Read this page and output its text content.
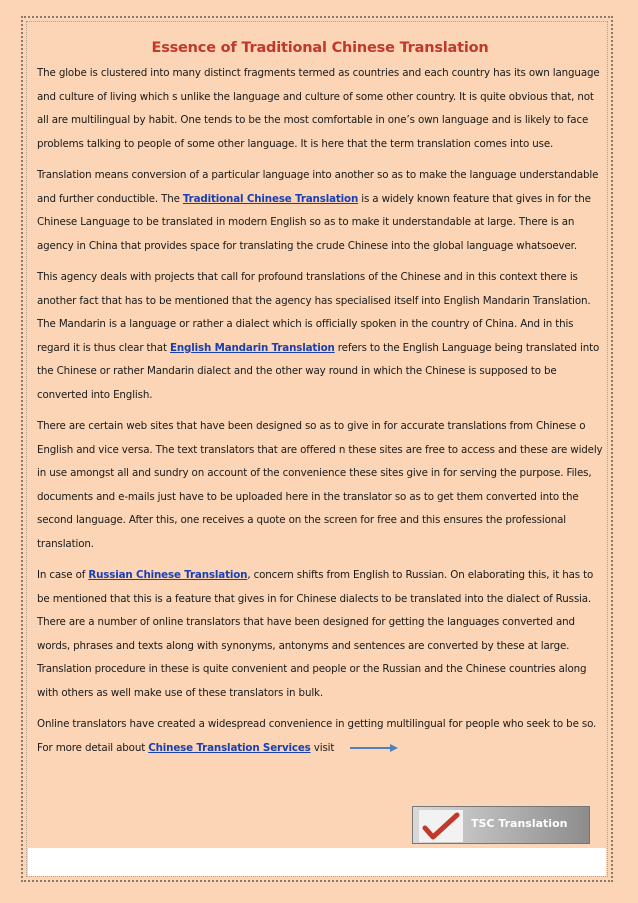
Essence of Traditional Chinese Translation

The globe is clustered into many distinct fragments termed as countries and each country has its own language and culture of living which s unlike the language and culture of some other country. It is quite obvious that, not all are multilingual by habit. One tends to be the most comfortable in one’s own language and is likely to face problems talking to people of some other language. It is here that the term translation comes into use.

Translation means conversion of a particular language into another so as to make the language understandable and further conductible. The Traditional Chinese Translation is a widely known feature that gives in for the Chinese Language to be translated in modern English so as to make it understandable at large. There is an agency in China that provides space for translating the crude Chinese into the global language whatsoever.

This agency deals with projects that call for profound translations of the Chinese and in this context there is another fact that has to be mentioned that the agency has specialised itself into English Mandarin Translation. The Mandarin is a language or rather a dialect which is officially spoken in the country of China. And in this regard it is thus clear that English Mandarin Translation refers to the English Language being translated into the Chinese or rather Mandarin dialect and the other way round in which the Chinese is supposed to be converted into English.

There are certain web sites that have been designed so as to give in for accurate translations from Chinese o English and vice versa. The text translators that are offered n these sites are free to access and these are widely in use amongst all and sundry on account of the convenience these sites give in for serving the purpose. Files, documents and e-mails just have to be uploaded here in the translator so as to get them converted into the second language. After this, one receives a quote on the screen for free and this ensures the professional translation.

In case of Russian Chinese Translation, concern shifts from English to Russian. On elaborating this, it has to be mentioned that this is a feature that gives in for Chinese dialects to be translated into the dialect of Russia. There are a number of online translators that have been designed for getting the languages converted and words, phrases and texts along with synonyms, antonyms and sentences are converted by these at large. Translation procedure in these is quite convenient and people or the Russian and the Chinese countries along with others as well make use of these translators in bulk.

Online translators have created a widespread convenience in getting multilingual for people who seek to be so. For more detail about Chinese Translation Services visit

TSC Translation
